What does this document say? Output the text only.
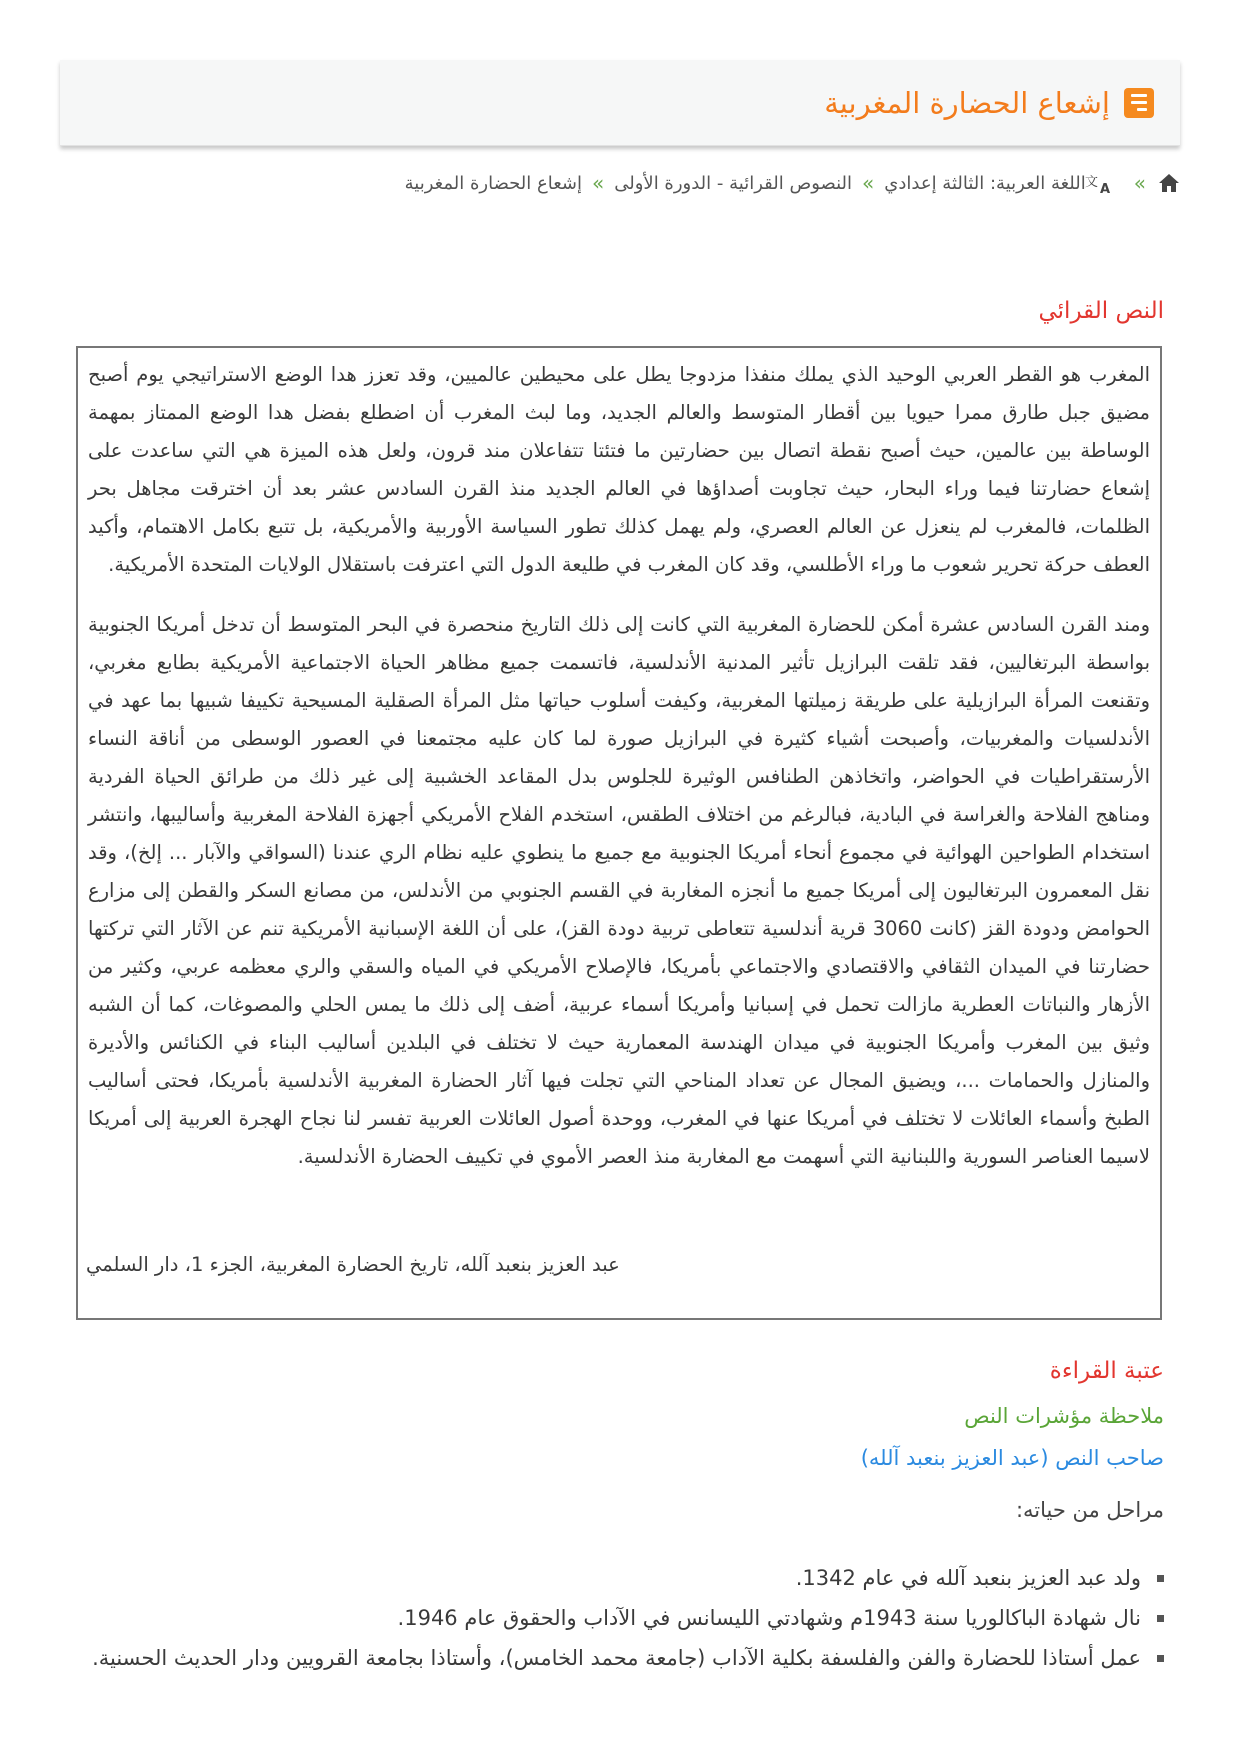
إشعاع الحضارة المغربية
»
文 A
اللغة العربية: الثالثة إعدادي
»
النصوص القرائية - الدورة الأولى
»
إشعاع الحضارة المغربية
النص القرائي

المغرب هو القطر العربي الوحيد الذي يملك منفذا مزدوجا يطل على محيطين عالميين، وقد تعزز هدا الوضع الاستراتيجي يوم أصبح مضيق جبل طارق ممرا حيويا بين أقطار المتوسط والعالم الجديد، وما لبث المغرب أن اضطلع بفضل هدا الوضع الممتاز بمهمة الوساطة بين عالمين، حيث أصبح نقطة اتصال بين حضارتين ما فتئتا تتفاعلان مند قرون، ولعل هذه الميزة هي التي ساعدت على إشعاع حضارتنا فيما وراء البحار، حيث تجاوبت أصداؤها في العالم الجديد منذ القرن السادس عشر بعد أن اخترقت مجاهل بحر الظلمات، فالمغرب لم ينعزل عن العالم العصري، ولم يهمل كذلك تطور السياسة الأوربية والأمريكية، بل تتبع بكامل الاهتمام، وأكيد العطف حركة تحرير شعوب ما وراء الأطلسي، وقد كان المغرب في طليعة الدول التي اعترفت باستقلال الولايات المتحدة الأمريكية.

ومند القرن السادس عشرة أمكن للحضارة المغربية التي كانت إلى ذلك التاريخ منحصرة في البحر المتوسط أن تدخل أمريكا الجنوبية بواسطة البرتغاليين، فقد تلقت البرازيل تأثير المدنية الأندلسية، فاتسمت جميع مظاهر الحياة الاجتماعية الأمريكية بطابع مغربي، وتقنعت المرأة البرازيلية على طريقة زميلتها المغربية، وكيفت أسلوب حياتها مثل المرأة الصقلية المسيحية تكييفا شبيها بما عهد في الأندلسيات والمغربيات، وأصبحت أشياء كثيرة في البرازيل صورة لما كان عليه مجتمعنا في العصور الوسطى من أناقة النساء الأرستقراطيات في الحواضر، واتخاذهن الطنافس الوثيرة للجلوس بدل المقاعد الخشبية إلى غير ذلك من طرائق الحياة الفردية ومناهج الفلاحة والغراسة في البادية، فبالرغم من اختلاف الطقس، استخدم الفلاح الأمريكي أجهزة الفلاحة المغربية وأساليبها، وانتشر استخدام الطواحين الهوائية في مجموع أنحاء أمريكا الجنوبية مع جميع ما ينطوي عليه نظام الري عندنا (السواقي والآبار ... إلخ)، وقد نقل المعمرون البرتغاليون إلى أمريكا جميع ما أنجزه المغاربة في القسم الجنوبي من الأندلس، من مصانع السكر والقطن إلى مزارع الحوامض ودودة القز (كانت 3060 قرية أندلسية تتعاطى تربية دودة القز)، على أن اللغة الإسبانية الأمريكية تنم عن الآثار التي تركتها حضارتنا في الميدان الثقافي والاقتصادي والاجتماعي بأمريكا، فالإصلاح الأمريكي في المياه والسقي والري معظمه عربي، وكثير من الأزهار والنباتات العطرية مازالت تحمل في إسبانيا وأمريكا أسماء عربية، أضف إلى ذلك ما يمس الحلي والمصوغات، كما أن الشبه وثيق بين المغرب وأمريكا الجنوبية في ميدان الهندسة المعمارية حيث لا تختلف في البلدين أساليب البناء في الكنائس والأديرة والمنازل والحمامات ...، ويضيق المجال عن تعداد المناحي التي تجلت فيها آثار الحضارة المغربية الأندلسية بأمريكا، فحتى أساليب الطبخ وأسماء العائلات لا تختلف في أمريكا عنها في المغرب، ووحدة أصول العائلات العربية تفسر لنا نجاح الهجرة العربية إلى أمريكا لاسيما العناصر السورية واللبنانية التي أسهمت مع المغاربة منذ العصر الأموي في تكييف الحضارة الأندلسية.

عبد العزيز بنعبد آلله، تاريخ الحضارة المغربية، الجزء 1، دار السلمي
عتبة القراءة
ملاحظة مؤشرات النص
صاحب النص (عبد العزيز بنعبد آلله)
مراحل من حياته:
ولد عبد العزيز بنعبد آلله في عام 1342.
نال شهادة الباكالوريا سنة 1943م وشهادتي الليسانس في الآداب والحقوق عام 1946.
عمل أستاذا للحضارة والفن والفلسفة بكلية الآداب (جامعة محمد الخامس)، وأستاذا بجامعة القرويين ودار الحديث الحسنية.
